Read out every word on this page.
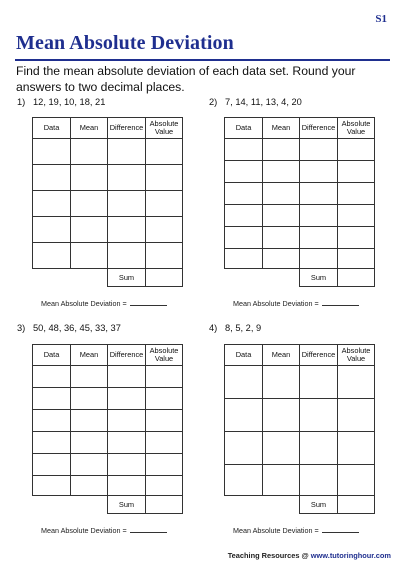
S1
Mean Absolute Deviation
Find the mean absolute deviation of each data set. Round your answers to two decimal places.
1) 12, 19, 10, 18, 21
Data	Mean	Difference	Absolute Value

		Sum	
Mean Absolute Deviation =
2) 7, 14, 11, 13, 4, 20
Data	Mean	Difference	Absolute Value

		Sum	
Mean Absolute Deviation =
3) 50, 48, 36, 45, 33, 37
Data	Mean	Difference	Absolute Value

		Sum	
Mean Absolute Deviation =
4) 8, 5, 2, 9
Data	Mean	Difference	Absolute Value

		Sum	
Mean Absolute Deviation =
Teaching Resources @ www.tutoringhour.com
